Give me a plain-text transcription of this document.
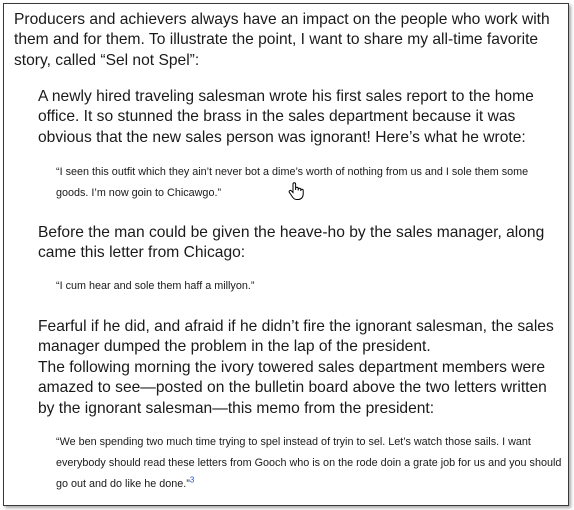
Producers and achievers always have an impact on the people who work with them and for them. To illustrate the point, I want to share my all-time favorite story, called “Sel not Spel”:

A newly hired traveling salesman wrote his first sales report to the home office. It so stunned the brass in the sales department because it was obvious that the new sales person was ignorant! Here’s what he wrote:

“I seen this outfit which they ain’t never bot a dime’s worth of nothing from us and I sole them some goods. I’m now goin to Chicawgo.”

Before the man could be given the heave-ho by the sales manager, along came this letter from Chicago:

“I cum hear and sole them haff a millyon.”

Fearful if he did, and afraid if he didn’t fire the ignorant salesman, the sales manager dumped the problem in the lap of the president.
The following morning the ivory towered sales department members were amazed to see—posted on the bulletin board above the two letters written by the ignorant salesman—this memo from the president:

“We ben spending two much time trying to spel instead of tryin to sel. Let’s watch those sails. I want everybody should read these letters from Gooch who is on the rode doin a grate job for us and you should go out and do like he done.”$^3$
